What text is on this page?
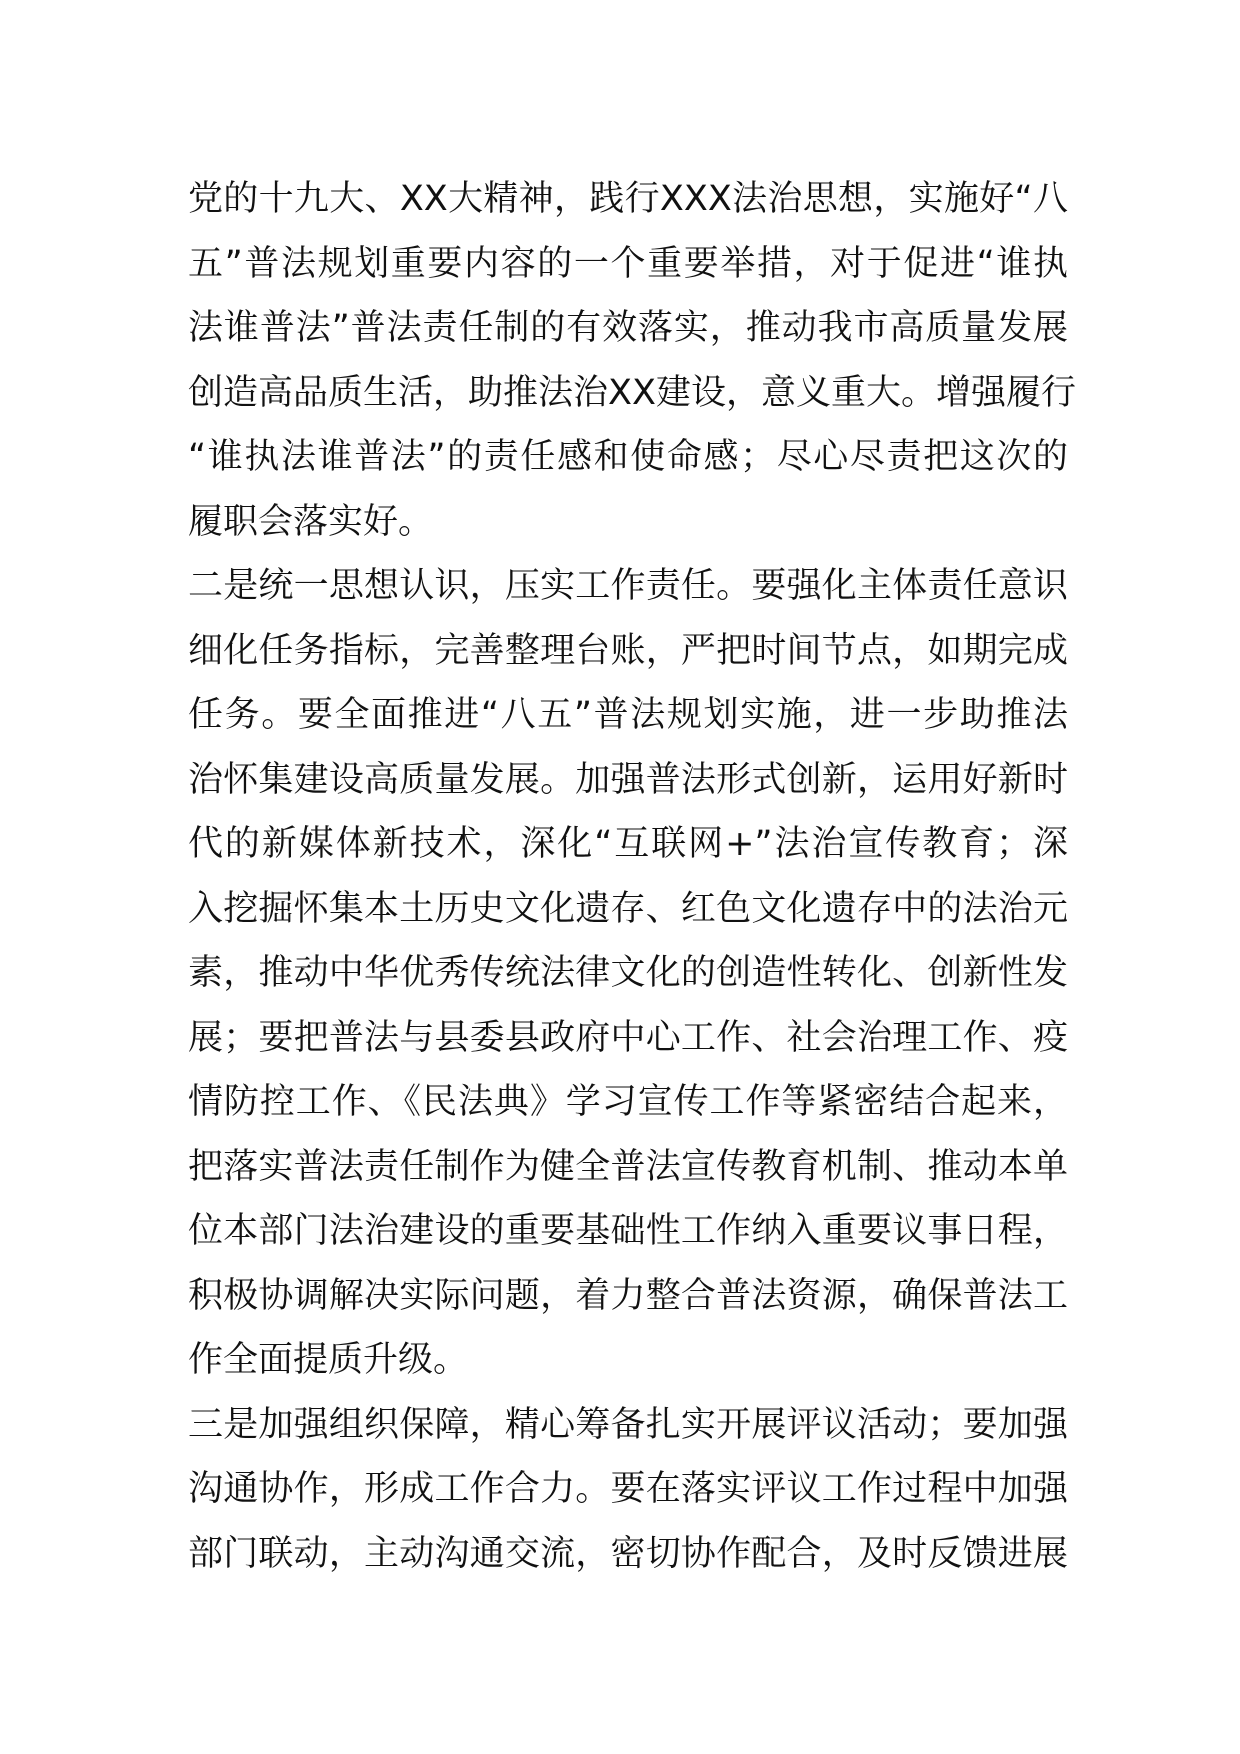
党的十九大、XX大精神，践行XXX法治思想，实施好“八
五”普法规划重要内容的一个重要举措，对于促进“谁执
法谁普法”普法责任制的有效落实，推动我市高质量发展
创造高品质生活，助推法治XX建设，意义重大。增强履行
“谁执法谁普法”的责任感和使命感；尽心尽责把这次的
履职会落实好。
二是统一思想认识，压实工作责任。要强化主体责任意识
细化任务指标，完善整理台账，严把时间节点，如期完成
任务。要全面推进“八五”普法规划实施，进一步助推法
治怀集建设高质量发展。加强普法形式创新，运用好新时
代的新媒体新技术，深化“互联网+”法治宣传教育；深
入挖掘怀集本土历史文化遗存、红色文化遗存中的法治元
素，推动中华优秀传统法律文化的创造性转化、创新性发
展；要把普法与县委县政府中心工作、社会治理工作、疫
情防控工作、《民法典》学习宣传工作等紧密结合起来，
把落实普法责任制作为健全普法宣传教育机制、推动本单
位本部门法治建设的重要基础性工作纳入重要议事日程，
积极协调解决实际问题，着力整合普法资源，确保普法工
作全面提质升级。
三是加强组织保障，精心筹备扎实开展评议活动；要加强
沟通协作，形成工作合力。要在落实评议工作过程中加强
部门联动，主动沟通交流，密切协作配合，及时反馈进展
